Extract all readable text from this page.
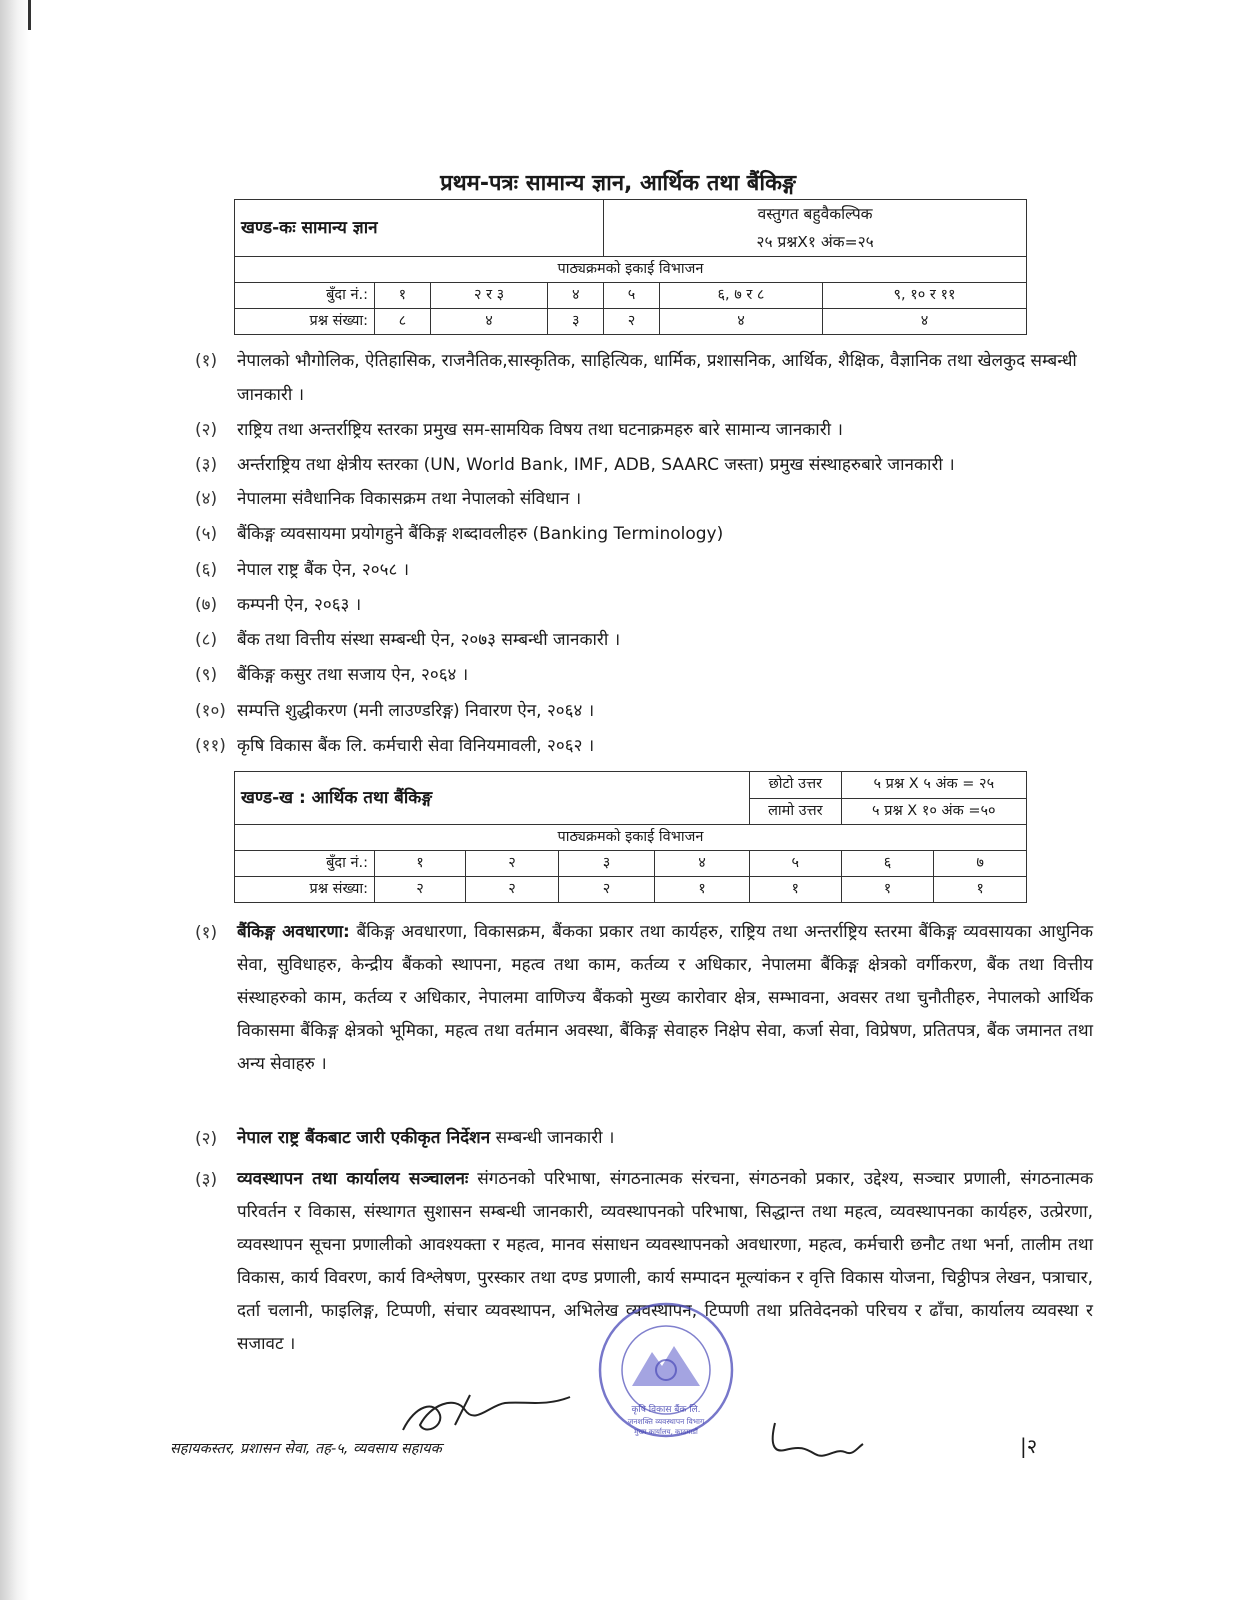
प्रथम-पत्रः सामान्य ज्ञान, आर्थिक तथा बैंकिङ्ग
खण्ड-कः सामान्य ज्ञान				वस्तुगत बहुवैकल्पिक		
				२५ प्रश्नX१ अंक=२५		
पाठ्यक्रमको इकाई विभाजन						
बुँदा नं.:	१	२ र ३	४	५	६, ७ र ८	९, १० र ११
प्रश्न संख्या:	८	४	३	२	४	४
(१) नेपालको भौगोलिक, ऐतिहासिक, राजनैतिक,सास्कृतिक, साहित्यिक, धार्मिक, प्रशासनिक, आर्थिक, शैक्षिक, वैज्ञानिक तथा खेलकुद सम्बन्धी जानकारी ।
(२) राष्ट्रिय तथा अन्तर्राष्ट्रिय स्तरका प्रमुख सम-सामयिक विषय तथा घटनाक्रमहरु बारे सामान्य जानकारी ।
(३) अर्न्तराष्ट्रिय तथा क्षेत्रीय स्तरका (UN, World Bank, IMF, ADB, SAARC जस्ता) प्रमुख संस्थाहरुबारे जानकारी ।
(४) नेपालमा संवैधानिक विकासक्रम तथा नेपालको संविधान ।
(५) बैंकिङ्ग व्यवसायमा प्रयोगहुने बैंकिङ्ग शब्दावलीहरु (Banking Terminology)
(६) नेपाल राष्ट्र बैंक ऐन, २०५८ ।
(७) कम्पनी ऐन, २०६३ ।
(८) बैंक तथा वित्तीय संस्था सम्बन्धी ऐन, २०७३ सम्बन्धी जानकारी ।
(९) बैंकिङ्ग कसुर तथा सजाय ऐन, २०६४ ।
(१०) सम्पत्ति शुद्धीकरण (मनी लाउण्डरिङ्ग) निवारण ऐन, २०६४ ।
(११) कृषि विकास बैंक लि. कर्मचारी सेवा विनियमावली, २०६२ ।
खण्ड-ख : आर्थिक तथा बैंकिङ्ग					छोटो उत्तर	५ प्रश्न X ५ अंक = २५	
					लामो उत्तर	५ प्रश्न X १० अंक =५०	
पाठ्यक्रमको इकाई विभाजन							
बुँदा नं.:	१	२	३	४	५	६	७
प्रश्न संख्या:	२	२	२	१	१	१	१
(१) बैंकिङ्ग अवधारणा: बैंकिङ्ग अवधारणा, विकासक्रम, बैंकका प्रकार तथा कार्यहरु, राष्ट्रिय तथा अन्तर्राष्ट्रिय स्तरमा बैंकिङ्ग व्यवसायका आधुनिक सेवा, सुविधाहरु, केन्द्रीय बैंकको स्थापना, महत्व तथा काम, कर्तव्य र अधिकार, नेपालमा बैंकिङ्ग क्षेत्रको वर्गीकरण, बैंक तथा वित्तीय संस्थाहरुको काम, कर्तव्य र अधिकार, नेपालमा वाणिज्य बैंकको मुख्य कारोवार क्षेत्र, सम्भावना, अवसर तथा चुनौतीहरु, नेपालको आर्थिक विकासमा बैंकिङ्ग क्षेत्रको भूमिका, महत्व तथा वर्तमान अवस्था, बैंकिङ्ग सेवाहरु निक्षेप सेवा, कर्जा सेवा, विप्रेषण, प्रतितपत्र, बैंक जमानत तथा अन्य सेवाहरु ।
(२) नेपाल राष्ट्र बैंकबाट जारी एकीकृत निर्देशन सम्बन्धी जानकारी ।
(३) व्यवस्थापन तथा कार्यालय सञ्चालनः संगठनको परिभाषा, संगठनात्मक संरचना, संगठनको प्रकार, उद्देश्य, सञ्चार प्रणाली, संगठनात्मक परिवर्तन र विकास, संस्थागत सुशासन सम्बन्धी जानकारी, व्यवस्थापनको परिभाषा, सिद्धान्त तथा महत्व, व्यवस्थापनका कार्यहरु, उत्प्रेरणा, व्यवस्थापन सूचना प्रणालीको आवश्यक्ता र महत्व, मानव संसाधन व्यवस्थापनको अवधारणा, महत्व, कर्मचारी छनौट तथा भर्ना, तालीम तथा विकास, कार्य विवरण, कार्य विश्लेषण, पुरस्कार तथा दण्ड प्रणाली, कार्य सम्पादन मूल्यांकन र वृत्ति विकास योजना, चिठ्ठीपत्र लेखन, पत्राचार, दर्ता चलानी, फाइलिङ्ग, टिप्पणी, संचार व्यवस्थापन, अभिलेख व्यवस्थापन, टिप्पणी तथा प्रतिवेदनको परिचय र ढाँचा, कार्यालय व्यवस्था र सजावट ।
कृषि विकास बैंक लि.
जनशक्ति व्यवस्थापन विभाग
मुख्य कार्यालय, काठमाडौं
सहायकस्तर, प्रशासन सेवा, तह-५, व्यवसाय सहायक	|२
